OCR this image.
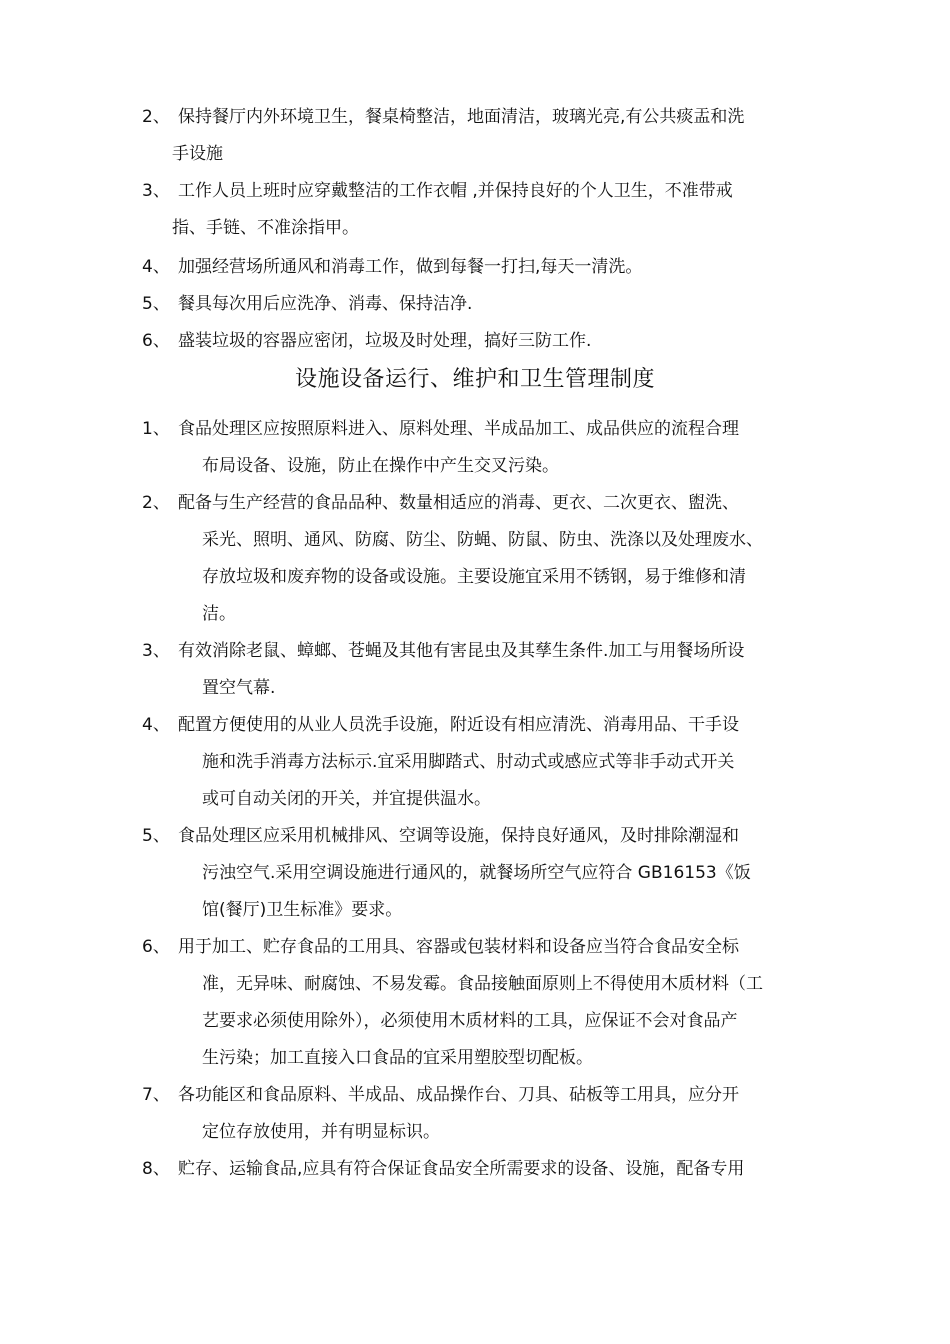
设施设备运行、维护和卫生管理制度
2、 保持餐厅内外环境卫生，餐桌椅整洁，地面清洁，玻璃光亮,有公共痰盂和洗
手设施
3、 工作人员上班时应穿戴整洁的工作衣帽 ,并保持良好的个人卫生，不准带戒
指、手链、不准涂指甲。
4、 加强经营场所通风和消毒工作，做到每餐一打扫,每天一清洗。
5、 餐具每次用后应洗净、消毒、保持洁净.
6、 盛装垃圾的容器应密闭，垃圾及时处理，搞好三防工作.
1、 食品处理区应按照原料进入、原料处理、半成品加工、成品供应的流程合理
布局设备、设施，防止在操作中产生交叉污染。
2、 配备与生产经营的食品品种、数量相适应的消毒、更衣、二次更衣、盥洗、
采光、照明、通风、防腐、防尘、防蝇、防鼠、防虫、洗涤以及处理废水、
存放垃圾和废弃物的设备或设施。主要设施宜采用不锈钢，易于维修和清
洁。
3、 有效消除老鼠、蟑螂、苍蝇及其他有害昆虫及其孳生条件.加工与用餐场所设
置空气幕.
4、 配置方便使用的从业人员洗手设施，附近设有相应清洗、消毒用品、干手设
施和洗手消毒方法标示.宜采用脚踏式、肘动式或感应式等非手动式开关
或可自动关闭的开关，并宜提供温水。
5、 食品处理区应采用机械排风、空调等设施，保持良好通风，及时排除潮湿和
污浊空气.采用空调设施进行通风的，就餐场所空气应符合 GB16153《饭
馆(餐厅)卫生标准》要求。
6、 用于加工、贮存食品的工用具、容器或包装材料和设备应当符合食品安全标
准，无异味、耐腐蚀、不易发霉。食品接触面原则上不得使用木质材料（工
艺要求必须使用除外），必须使用木质材料的工具，应保证不会对食品产
生污染；加工直接入口食品的宜采用塑胶型切配板。
7、 各功能区和食品原料、半成品、成品操作台、刀具、砧板等工用具，应分开
定位存放使用，并有明显标识。
8、 贮存、运输食品,应具有符合保证食品安全所需要求的设备、设施，配备专用
